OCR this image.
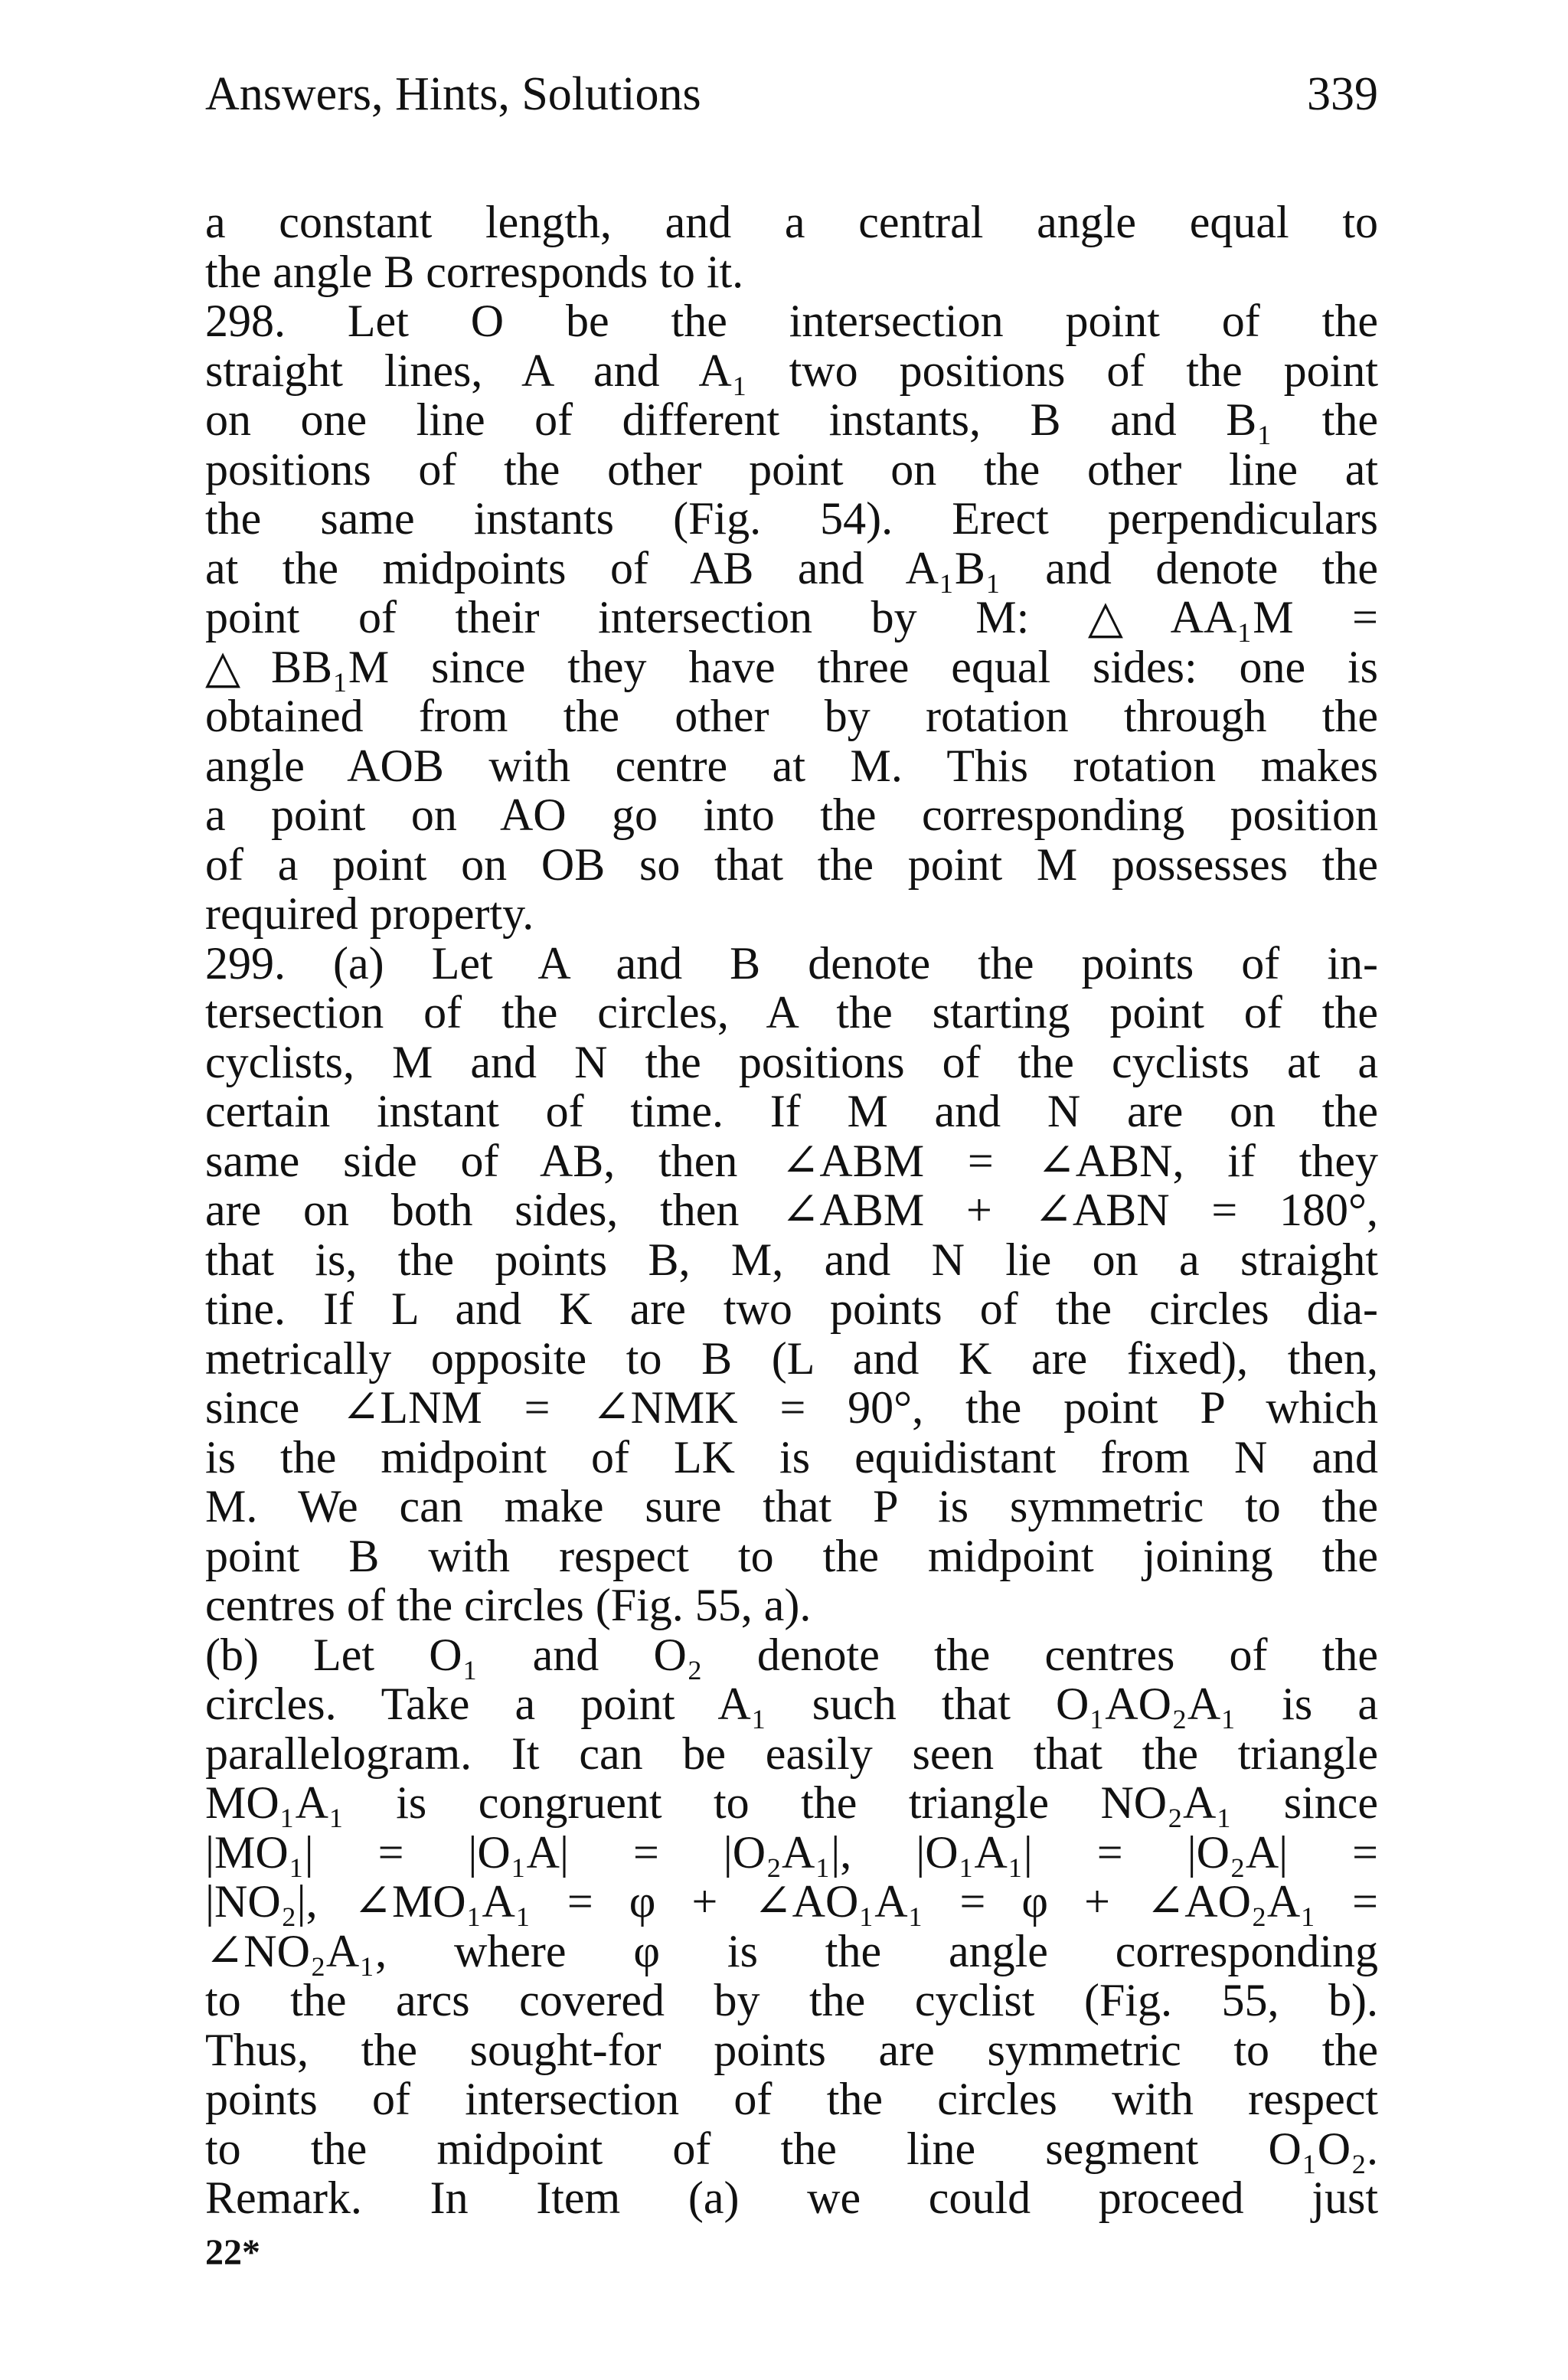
Answers, Hints, Solutions	339
a constant length, and a central angle equal to
the angle B corresponds to it.
298. Let O be the intersection point of the
straight lines, A and A₁ two positions of the point
on one line of different instants, B and B₁ the
positions of the other point on the other line at
the same instants (Fig. 54). Erect perpendiculars
at the midpoints of AB and A₁B₁ and denote the
point of their intersection by M: △AA₁M =
△BB₁M since they have three equal sides: one is
obtained from the other by rotation through the
angle AOB with centre at M. This rotation makes
a point on AO go into the corresponding position
of a point on OB so that the point M possesses the
required property.
299. (a) Let A and B denote the points of in-
tersection of the circles, A the starting point of the
cyclists, M and N the positions of the cyclists at a
certain instant of time. If M and N are on the
same side of AB, then ∠ABM = ∠ABN, if they
are on both sides, then ∠ABM + ∠ABN = 180°,
that is, the points B, M, and N lie on a straight
tine. If L and K are two points of the circles dia-
metrically opposite to B (L and K are fixed), then,
since ∠LNM = ∠NMK = 90°, the point P which
is the midpoint of LK is equidistant from N and
M. We can make sure that P is symmetric to the
point B with respect to the midpoint joining the
centres of the circles (Fig. 55, a).
(b) Let O₁ and O₂ denote the centres of the
circles. Take a point A₁ such that O₁AO₂A₁ is a
parallelogram. It can be easily seen that the triangle
MO₁A₁ is congruent to the triangle NO₂A₁ since
|MO₁| = |O₁A| = |O₂A₁|, |O₁A₁| = |O₂A| =
|NO₂|, ∠MO₁A₁ = φ + ∠AO₁A₁ = φ + ∠AO₂A₁ =
∠NO₂A₁, where φ is the angle corresponding
to the arcs covered by the cyclist (Fig. 55, b).
Thus, the sought-for points are symmetric to the
points of intersection of the circles with respect
to the midpoint of the line segment O₁O₂.
Remark. In Item (a) we could proceed just
22*
